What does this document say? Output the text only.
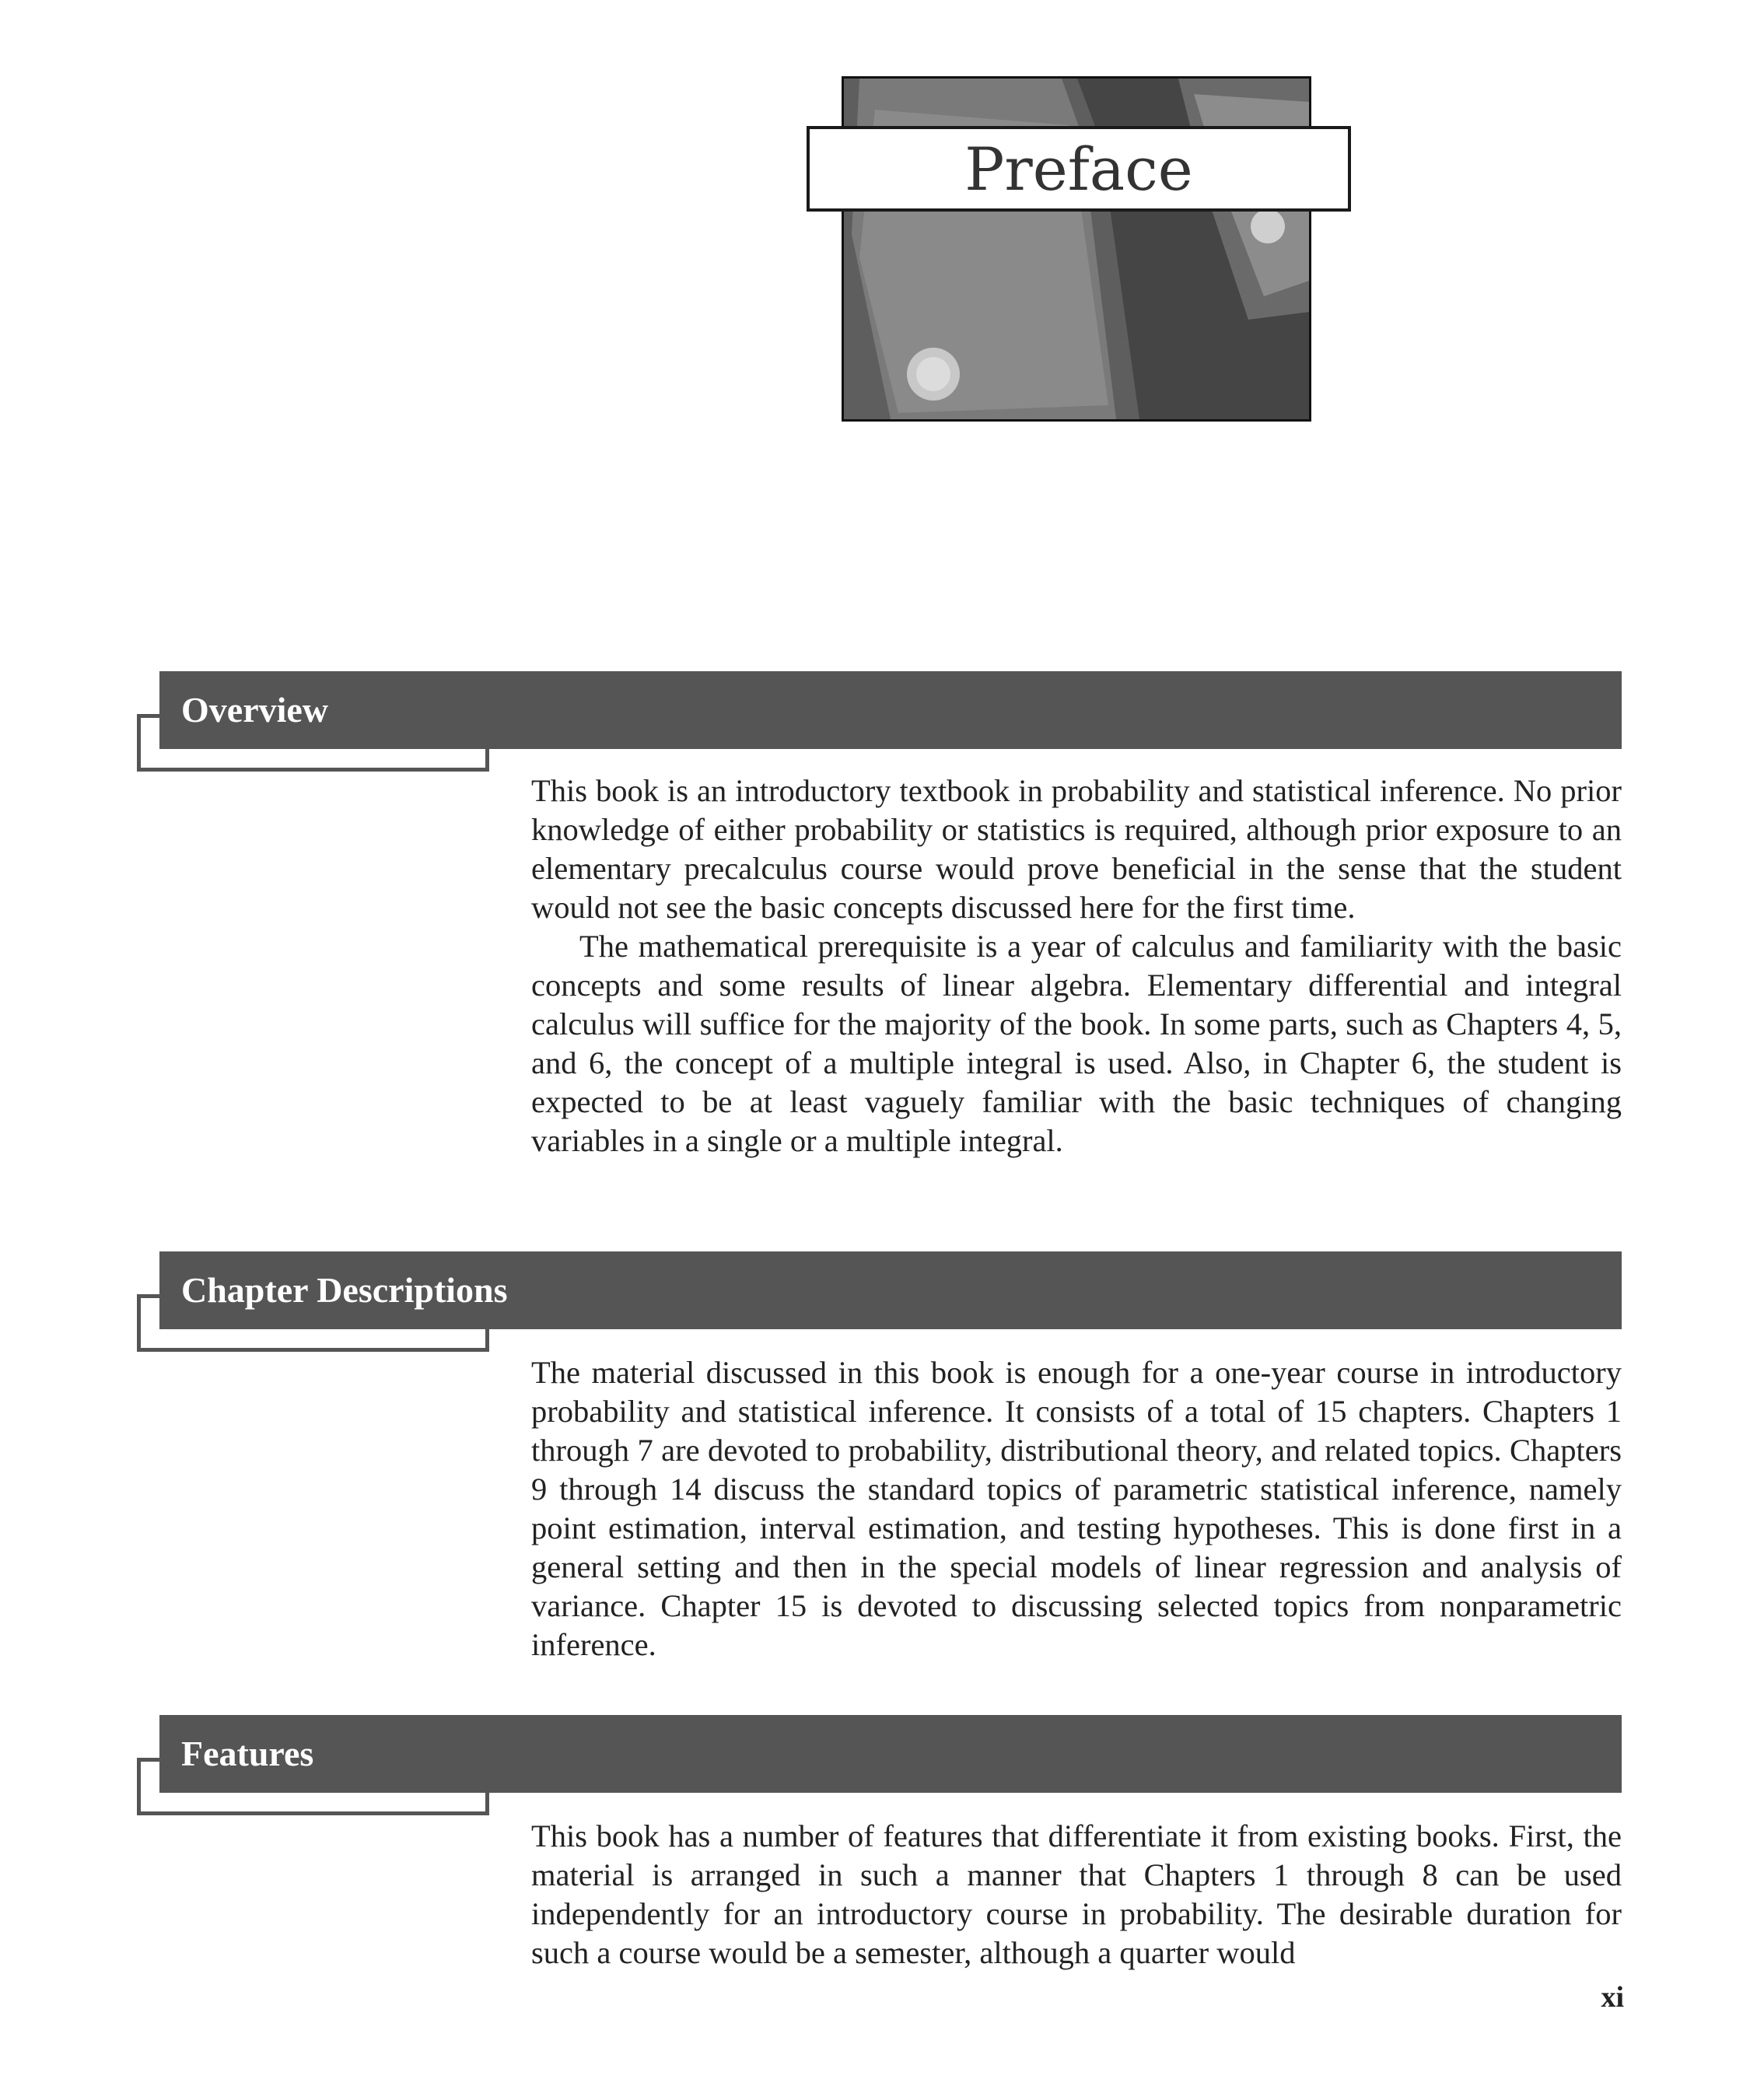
Preface
Overview

This book is an introductory textbook in probability and statistical inference. No prior knowledge of either probability or statistics is required, although prior exposure to an elementary precalculus course would prove beneficial in the sense that the student would not see the basic concepts discussed here for the first time.

The mathematical prerequisite is a year of calculus and familiarity with the basic concepts and some results of linear algebra. Elementary differential and integral calculus will suffice for the majority of the book. In some parts, such as Chapters 4, 5, and 6, the concept of a multiple integral is used. Also, in Chapter 6, the student is expected to be at least vaguely familiar with the basic techniques of changing variables in a single or a multiple integral.

Chapter Descriptions

The material discussed in this book is enough for a one-year course in introductory probability and statistical inference. It consists of a total of 15 chapters. Chapters 1 through 7 are devoted to probability, distributional theory, and related topics. Chapters 9 through 14 discuss the standard topics of parametric statistical inference, namely point estimation, interval estimation, and testing hypotheses. This is done first in a general setting and then in the special models of linear regression and analysis of variance. Chapter 15 is devoted to discussing selected topics from nonparametric inference.

Features

This book has a number of features that differentiate it from existing books. First, the material is arranged in such a manner that Chapters 1 through 8 can be used independently for an introductory course in probability. The desirable duration for such a course would be a semester, although a quarter would

xi
